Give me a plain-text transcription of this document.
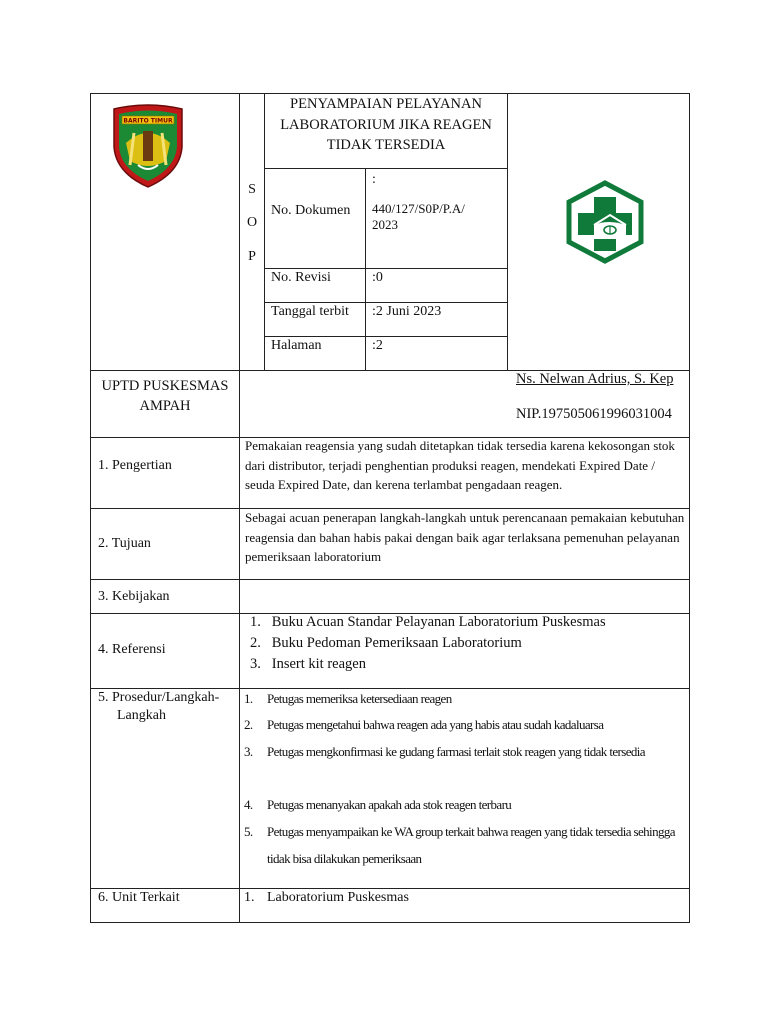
BARITO TIMUR
S
O
P
PENYAMPAIAN PELAYANAN LABORATORIUM JIKA REAGEN TIDAK TERSEDIA
No. Dokumen
:
440/127/S0P/P.A/ 2023
No. Revisi	:0
Tanggal terbit :2 Juni 2023
Halaman	:2
UPTD PUSKESMAS
AMPAH
Ns. Nelwan Adrius, S. Kep
NIP.197505061996031004
1. Pengertian
Pemakaian reagensia yang sudah ditetapkan tidak tersedia karena kekosongan stok dari distributor, terjadi penghentian produksi reagen, mendekati Expired Date / seuda Expired Date, dan kerena terlambat pengadaan reagen.
2. Tujuan
Sebagai acuan penerapan langkah-langkah untuk perencanaan pemakaian kebutuhan reagensia dan bahan habis pakai dengan baik agar terlaksana pemenuhan pelayanan pemeriksaan laboratorium
3. Kebijakan
4. Referensi
1.   Buku Acuan Standar Pelayanan Laboratorium Puskesmas
2.   Buku Pedoman Pemeriksaan Laboratorium
3.   Insert kit reagen
5. Prosedur/Langkah-
Langkah
1. Petugas memeriksa ketersediaan reagen
2. Petugas mengetahui bahwa reagen ada yang habis atau sudah kadaluarsa
3. Petugas mengkonfirmasi ke gudang farmasi terlait stok reagen yang tidak tersedia
4. Petugas menanyakan apakah ada stok reagen terbaru
5. Petugas menyampaikan ke WA group terkait bahwa reagen yang tidak tersedia sehingga tidak bisa dilakukan pemeriksaan
6. Unit Terkait	1. Laboratorium Puskesmas
